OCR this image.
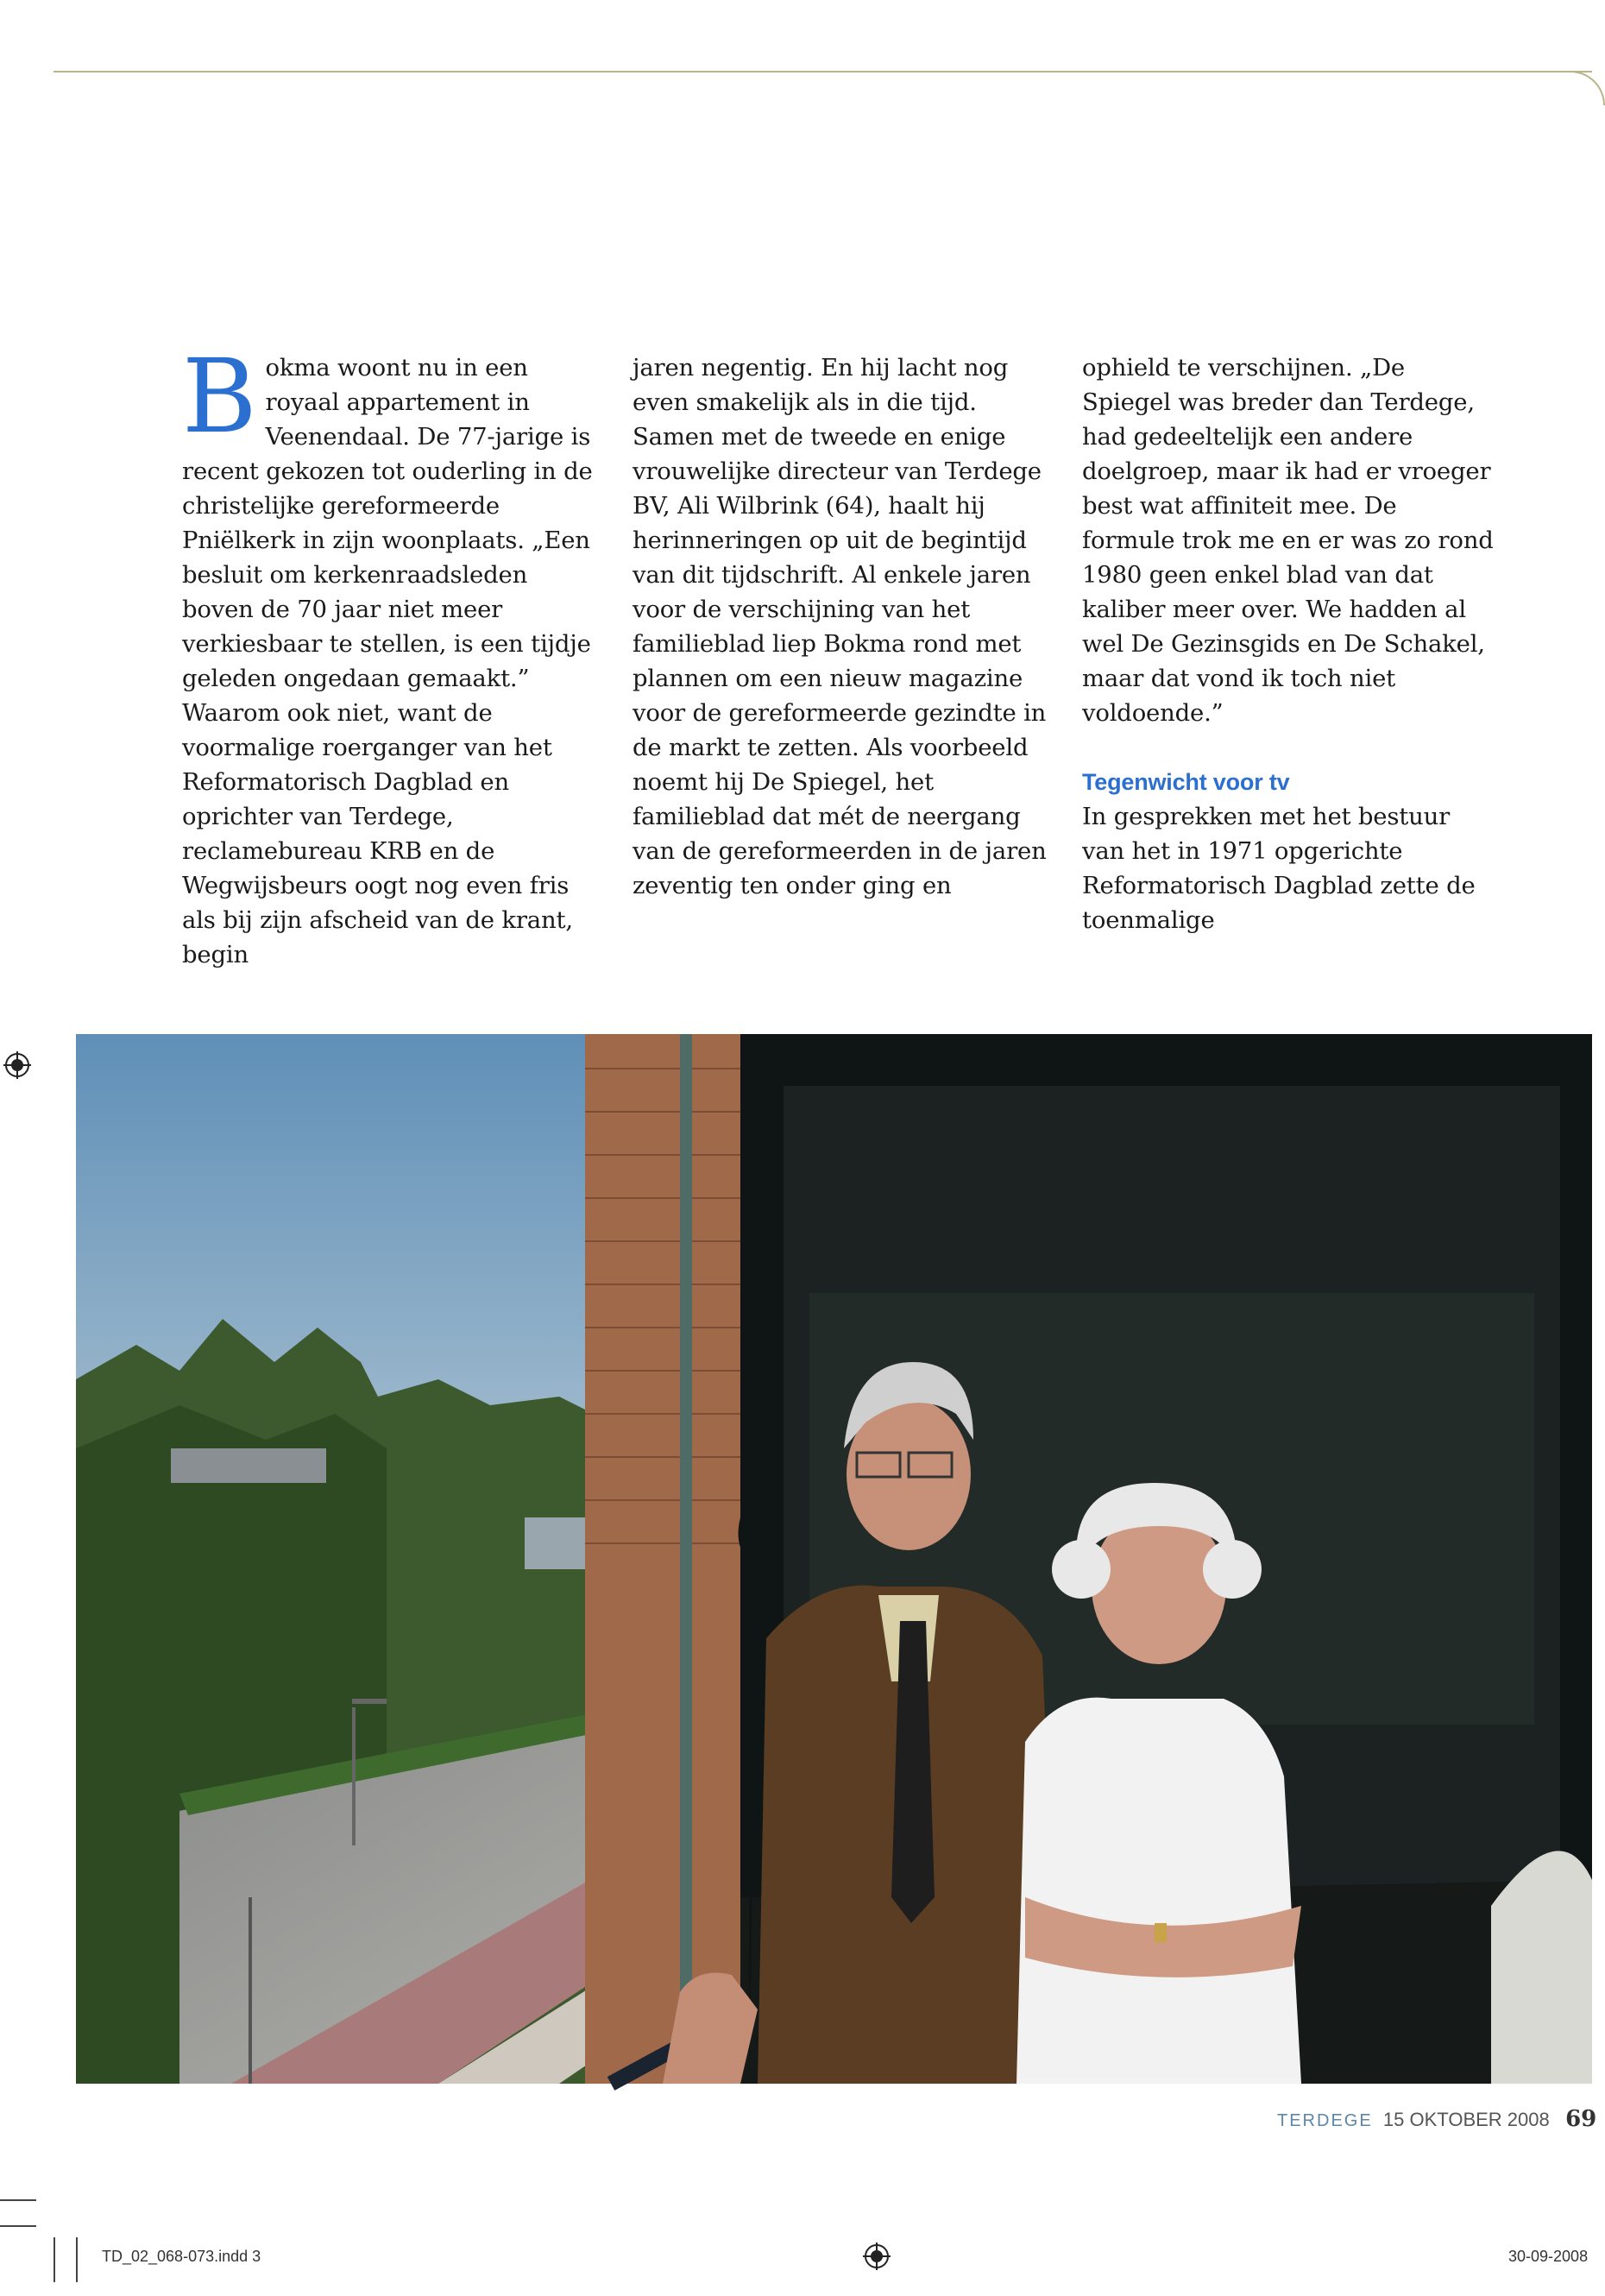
Bokma woont nu in een royaal appartement in Veenendaal. De 77-jarige is recent gekozen tot ouderling in de christelijke gereformeerde Pniëlkerk in zijn woonplaats. „Een besluit om kerkenraadsleden boven de 70 jaar niet meer verkiesbaar te stellen, is een tijdje geleden ongedaan gemaakt.”

Waarom ook niet, want de voormalige roerganger van het Reformatorisch Dagblad en oprichter van Terdege, reclamebureau KRB en de Wegwijsbeurs oogt nog even fris als bij zijn afscheid van de krant, begin

jaren negentig. En hij lacht nog even smakelijk als in die tijd.

Samen met de tweede en enige vrouwelijke directeur van Terdege BV, Ali Wilbrink (64), haalt hij herinneringen op uit de begintijd van dit tijdschrift. Al enkele jaren voor de verschijning van het familieblad liep Bokma rond met plannen om een nieuw magazine voor de gereformeerde gezindte in de markt te zetten. Als voorbeeld noemt hij De Spiegel, het familieblad dat mét de neergang van de gereformeerden in de jaren zeventig ten onder ging en

ophield te verschijnen. „De Spiegel was breder dan Terdege, had gedeeltelijk een andere doelgroep, maar ik had er vroeger best wat affiniteit mee. De formule trok me en er was zo rond 1980 geen enkel blad van dat kaliber meer over. We hadden al wel De Gezinsgids en De Schakel, maar dat vond ik toch niet voldoende.”

Tegenwicht voor tv

In gesprekken met het bestuur van het in 1971 opgerichte Reformatorisch Dagblad zette de toenmalige

TERDEGE 15 OKTOBER 2008 69
TD_02_068-073.indd 3	30-09-2008
